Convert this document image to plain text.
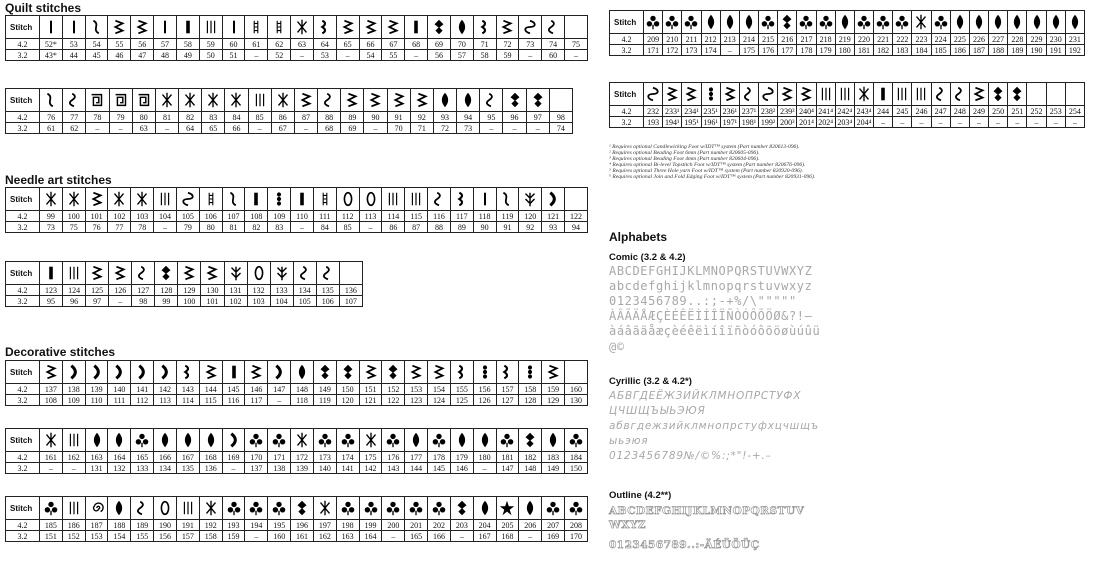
Quilt stitches
Stitch	

4.2	52*	53	54	55	56	57	58	59	60	61	62	63	64	65	66	67	68	69	70	71	72	73	74	75
3.2	43*	44	45	46	47	48	49	50	51	–	52	–	53	–	54	55	–	56	57	58	59	–	60	–
Stitch	

4.2	76	77	78	79	80	81	82	83	84	85	86	87	88	89	90	91	92	93	94	95	96	97	98
3.2	61	62	–	–	63	–	64	65	66	–	67	–	68	69	–	70	71	72	73	–	–	–	74
Needle art stitches
Stitch	

4.2	99	100	101	102	103	104	105	106	107	108	109	110	111	112	113	114	115	116	117	118	119	120	121	122
3.2	73	75	76	77	78	–	79	80	81	82	83	–	84	85	–	86	87	88	89	90	91	92	93	94
Stitch	

4.2	123	124	125	126	127	128	129	130	131	132	133	134	135	136
3.2	95	96	97	–	98	99	100	101	102	103	104	105	106	107
Decorative stitches
Stitch	

4.2	137	138	139	140	141	142	143	144	145	146	147	148	149	150	151	152	153	154	155	156	157	158	159	160
3.2	108	109	110	111	112	113	114	115	116	117	–	118	119	120	121	122	123	124	125	126	127	128	129	130
Stitch	

4.2	161	162	163	164	165	166	167	168	169	170	171	172	173	174	175	176	177	178	179	180	181	182	183	184
3.2	–	–	131	132	133	134	135	136	–	137	138	139	140	141	142	143	144	145	146	–	147	148	149	150
Stitch	

4.2	185	186	187	188	189	190	191	192	193	194	195	196	197	198	199	200	201	202	203	204	205	206	207	208
3.2	151	152	153	154	155	156	157	158	159	–	160	161	162	163	164	–	165	166	–	167	168	–	169	170
Stitch	

4.2	209	210	211	212	213	214	215	216	217	218	219	220	221	222	223	224	225	226	227	228	229	230	231
3.2	171	172	173	174	–	175	176	177	178	179	180	181	182	183	184	185	186	187	188	189	190	191	192
Stitch	

4.2	232	233¹	234¹	235¹	236¹	237¹	238²	239³	240⁴	241⁴	242⁴	243⁴	244	245	246	247	248	249	250	251	252	253	254
3.2	193	194¹	195¹	196¹	197¹	198¹	199²	200³	201⁴	202⁴	203⁴	204⁴	–	–	–	–	–	–	–	–	–	–	–
¹ Requires optional Candlewicking Foot w/IDT™ system (Part number 820613-096).
² Requires optional Beading Foot 6mm (Part number 820605-096).
³ Requires optional Beading Foot 4mm (Part number 820604-096).
⁴ Requires optional Bi-level Topstitch Foot w/IDT™ system (Part number 820676-096).
⁵ Requires optional Three Hole yarn Foot w/IDT™ system (Part number 820920-096).
⁶ Requires optional Join and Fold Edging Foot w/IDT™ system (Part number 820931-096).
Alphabets
Comic (3.2 & 4.2)
ABCDEFGHIJKLMNOPQRSTUVWXYZ
abcdefghijklmnopqrstuvwxyz
0123456789..:;-+%/\"""""
ÀÂÃÄÅÆÇÈÉÊËÌÍÎÏÑÒÓÔÕÖØ&?!–
àáâãäåæçèéêëìíîïñòóôõöøùúûü
@©
Cyrillic (3.2 & 4.2*)
АБВГДЕЁЖЗИЙКЛМНОПРСТУФХ
ЦЧШЩЪЫЬЭЮЯ
абвгдежзийклмнопрстуфхцчшщъ
ыьэюя
0123456789№/©%:;*"!-+.–
Outline (4.2**)
ABCDEFGHIJKLMNOPQRSTUV
WXYZ
0123456789..:-ÄÉÜÖÜÇ
